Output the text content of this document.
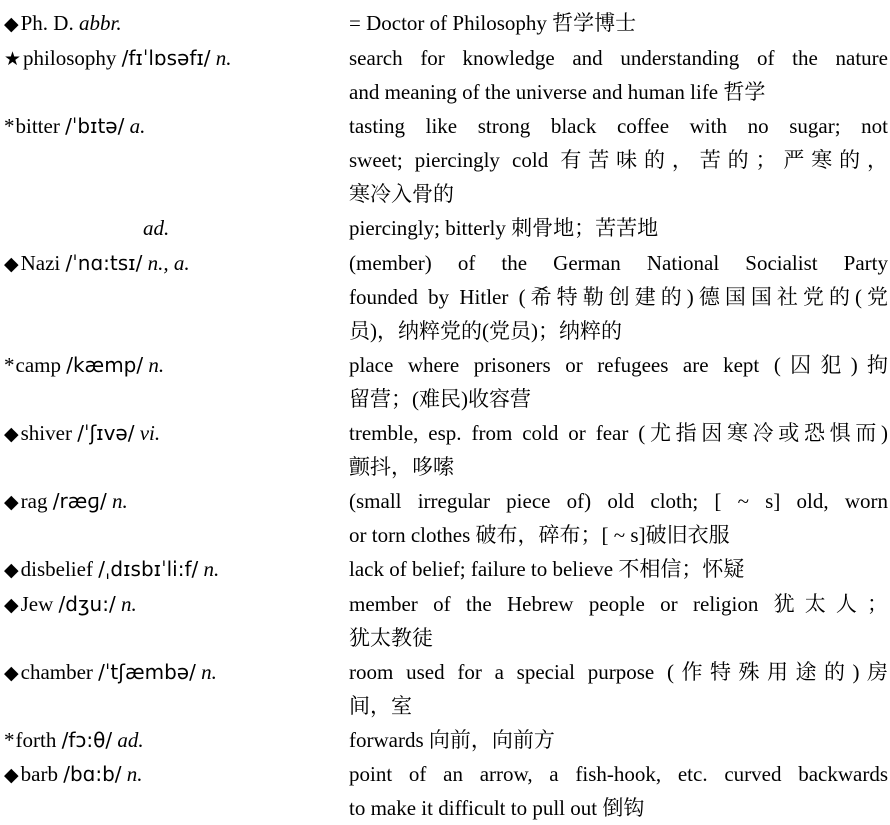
◆Ph. D. abbr.	= Doctor of Philosophy 哲学博士
★philosophy /fɪˈlɒsəfɪ/ n.	search for knowledge and understanding of the nature
and meaning of the universe and human life 哲学
*bitter /ˈbɪtə/ a.	tasting like strong black coffee with no sugar; not
sweet; piercingly cold 有苦味的，苦的；严寒的，
寒冷入骨的
ad.	piercingly; bitterly 刺骨地；苦苦地
◆Nazi /ˈnɑ:tsɪ/ n., a.	(member) of the German National Socialist Party
founded by Hitler (希特勒创建的)德国国社党的(党
员)，纳粹党的(党员)；纳粹的
*camp /kæmp/ n.	place where prisoners or refugees are kept (囚犯)拘
留营；(难民)收容营
◆shiver /ˈʃɪvə/ vi.	tremble, esp. from cold or fear (尤指因寒冷或恐惧而)
颤抖，哆嗦
◆rag /ræɡ/ n.	(small irregular piece of) old cloth; [ ~ s] old, worn
or torn clothes 破布，碎布；[ ~ s]破旧衣服
◆disbelief /ˌdɪsbɪˈli:f/ n.	lack of belief; failure to believe 不相信；怀疑
◆Jew /dʒu:/ n.	member of the Hebrew people or religion 犹太人；
犹太教徒
◆chamber /ˈtʃæmbə/ n.	room used for a special purpose (作特殊用途的)房
间，室
*forth /fɔ:θ/ ad.	forwards 向前，向前方
◆barb /bɑ:b/ n.	point of an arrow, a fish-hook, etc. curved backwards
to make it difficult to pull out 倒钩
